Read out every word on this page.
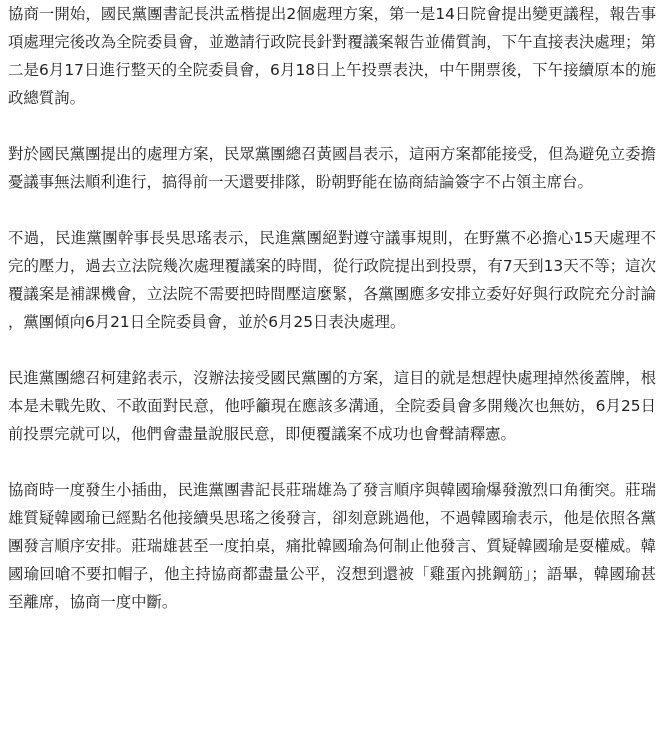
協商一開始，國民黨團書記長洪孟楷提出2個處理方案，第一是14日院會提出變更議程，報告事項處理完後改為全院委員會，並邀請行政院長針對覆議案報告並備質詢，下午直接表決處理；第二是6月17日進行整天的全院委員會，6月18日上午投票表決，中午開票後，下午接續原本的施政總質詢。

對於國民黨團提出的處理方案，民眾黨團總召黃國昌表示，這兩方案都能接受，但為避免立委擔憂議事無法順利進行，搞得前一天還要排隊，盼朝野能在協商結論簽字不占領主席台。

不過，民進黨團幹事長吳思瑤表示，民進黨團絕對遵守議事規則，在野黨不必擔心15天處理不完的壓力，過去立法院幾次處理覆議案的時間，從行政院提出到投票，有7天到13天不等；這次覆議案是補課機會，立法院不需要把時間壓這麼緊，各黨團應多安排立委好好與行政院充分討論，黨團傾向6月21日全院委員會，並於6月25日表決處理。

民進黨團總召柯建銘表示，沒辦法接受國民黨團的方案，這目的就是想趕快處理掉然後蓋牌，根本是未戰先敗、不敢面對民意，他呼籲現在應該多溝通，全院委員會多開幾次也無妨，6月25日前投票完就可以，他們會盡量說服民意，即便覆議案不成功也會聲請釋憲。

協商時一度發生小插曲，民進黨團書記長莊瑞雄為了發言順序與韓國瑜爆發激烈口角衝突。莊瑞雄質疑韓國瑜已經點名他接續吳思瑤之後發言，卻刻意跳過他，不過韓國瑜表示，他是依照各黨團發言順序安排。莊瑞雄甚至一度拍桌，痛批韓國瑜為何制止他發言、質疑韓國瑜是耍權威。韓國瑜回嗆不要扣帽子，他主持協商都盡量公平，沒想到還被「雞蛋內挑鋼筋」；語畢，韓國瑜甚至離席，協商一度中斷。
